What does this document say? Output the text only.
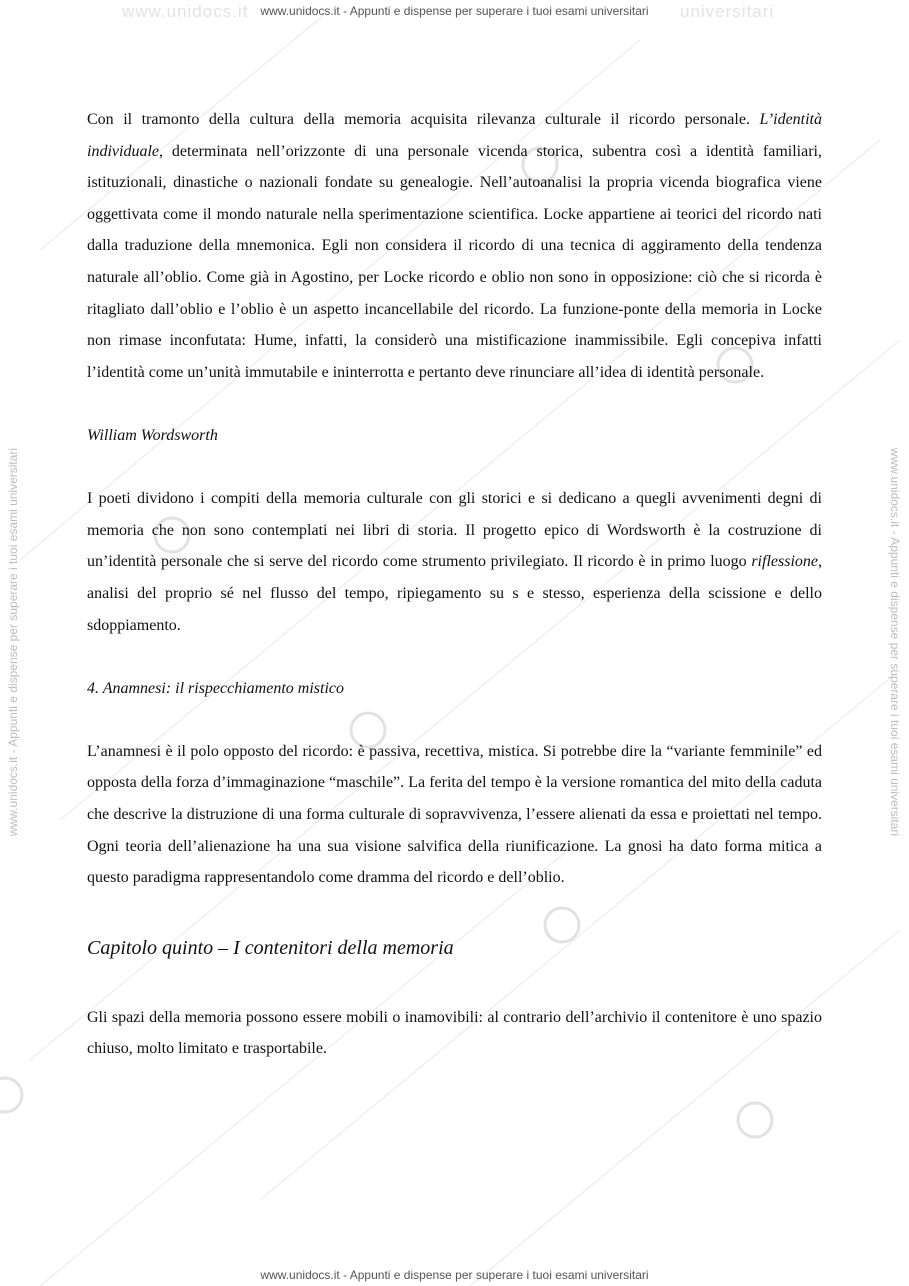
www.unidocs.it	universitari
www.unidocs.it - Appunti e dispense per superare i tuoi esami universitari
www.unidocs.it - Appunti e dispense per superare i tuoi esami universitari	www.unidocs.it - Appunti e dispense per superare i tuoi esami universitari

Con il tramonto della cultura della memoria acquisita rilevanza culturale il ricordo personale. L’identità individuale, determinata nell’orizzonte di una personale vicenda storica, subentra così a identità familiari, istituzionali, dinastiche o nazionali fondate su genealogie. Nell’autoanalisi la propria vicenda biografica viene oggettivata come il mondo naturale nella sperimentazione scientifica. Locke appartiene ai teorici del ricordo nati dalla traduzione della mnemonica. Egli non considera il ricordo di una tecnica di aggiramento della tendenza naturale all’oblio. Come già in Agostino, per Locke ricordo e oblio non sono in opposizione: ciò che si ricorda è ritagliato dall’oblio e l’oblio è un aspetto incancellabile del ricordo. La funzione-ponte della memoria in Locke non rimase inconfutata: Hume, infatti, la considerò una mistificazione inammissibile. Egli concepiva infatti l’identità come un’unità immutabile e ininterrotta e pertanto deve rinunciare all’idea di identità personale.

William Wordsworth

I poeti dividono i compiti della memoria culturale con gli storici e si dedicano a quegli avvenimenti degni di memoria che non sono contemplati nei libri di storia. Il progetto epico di Wordsworth è la costruzione di un’identità personale che si serve del ricordo come strumento privilegiato. Il ricordo è in primo luogo riflessione, analisi del proprio sé nel flusso del tempo, ripiegamento su s e stesso, esperienza della scissione e dello sdoppiamento.

4. Anamnesi: il rispecchiamento mistico

L’anamnesi è il polo opposto del ricordo: è passiva, recettiva, mistica. Si potrebbe dire la “variante femminile” ed opposta della forza d’immaginazione “maschile”. La ferita del tempo è la versione romantica del mito della caduta che descrive la distruzione di una forma culturale di sopravvivenza, l’essere alienati da essa e proiettati nel tempo. Ogni teoria dell’alienazione ha una sua visione salvifica della riunificazione. La gnosi ha dato forma mitica a questo paradigma rappresentandolo come dramma del ricordo e dell’oblio.

Capitolo quinto – I contenitori della memoria

Gli spazi della memoria possono essere mobili o inamovibili: al contrario dell’archivio il contenitore è uno spazio chiuso, molto limitato e trasportabile.

www.unidocs.it - Appunti e dispense per superare i tuoi esami universitari
